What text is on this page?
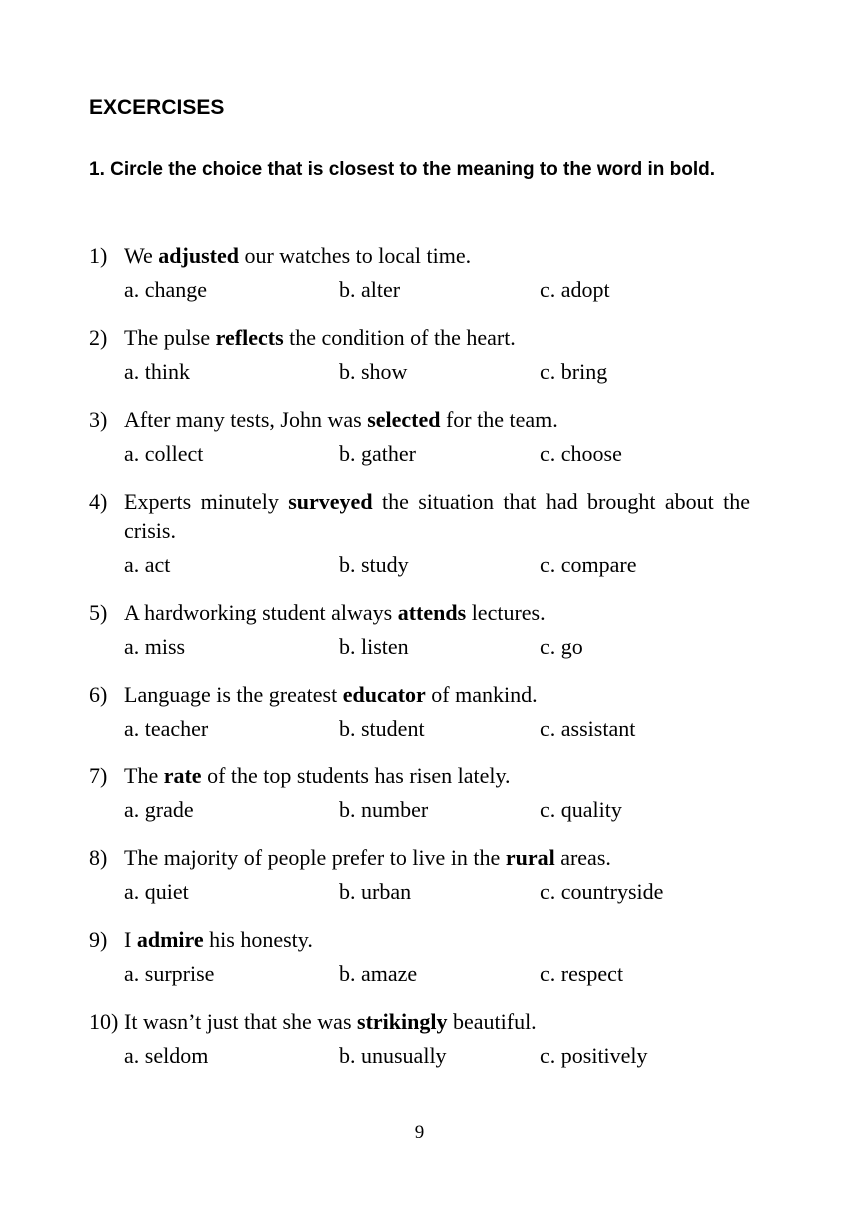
EXCERCISES

1. Circle the choice that is closest to the meaning to the word in bold.

1) We adjusted our watches to local time.
a. change	b. alter	c. adopt
2) The pulse reflects the condition of the heart.
a. think	b. show	c. bring
3) After many tests, John was selected for the team.
a. collect	b. gather	c. choose
4) Experts minutely surveyed the situation that had brought about the crisis.
a. act	b. study	c. compare
5) A hardworking student always attends lectures.
a. miss	b. listen	c. go
6) Language is the greatest educator of mankind.
a. teacher	b. student	c. assistant
7) The rate of the top students has risen lately.
a. grade	b. number	c. quality
8) The majority of people prefer to live in the rural areas.
a. quiet	b. urban	c. countryside
9) I admire his honesty.
a. surprise	b. amaze	c. respect
10) It wasn’t just that she was strikingly beautiful.
a. seldom	b. unusually	c. positively
9
